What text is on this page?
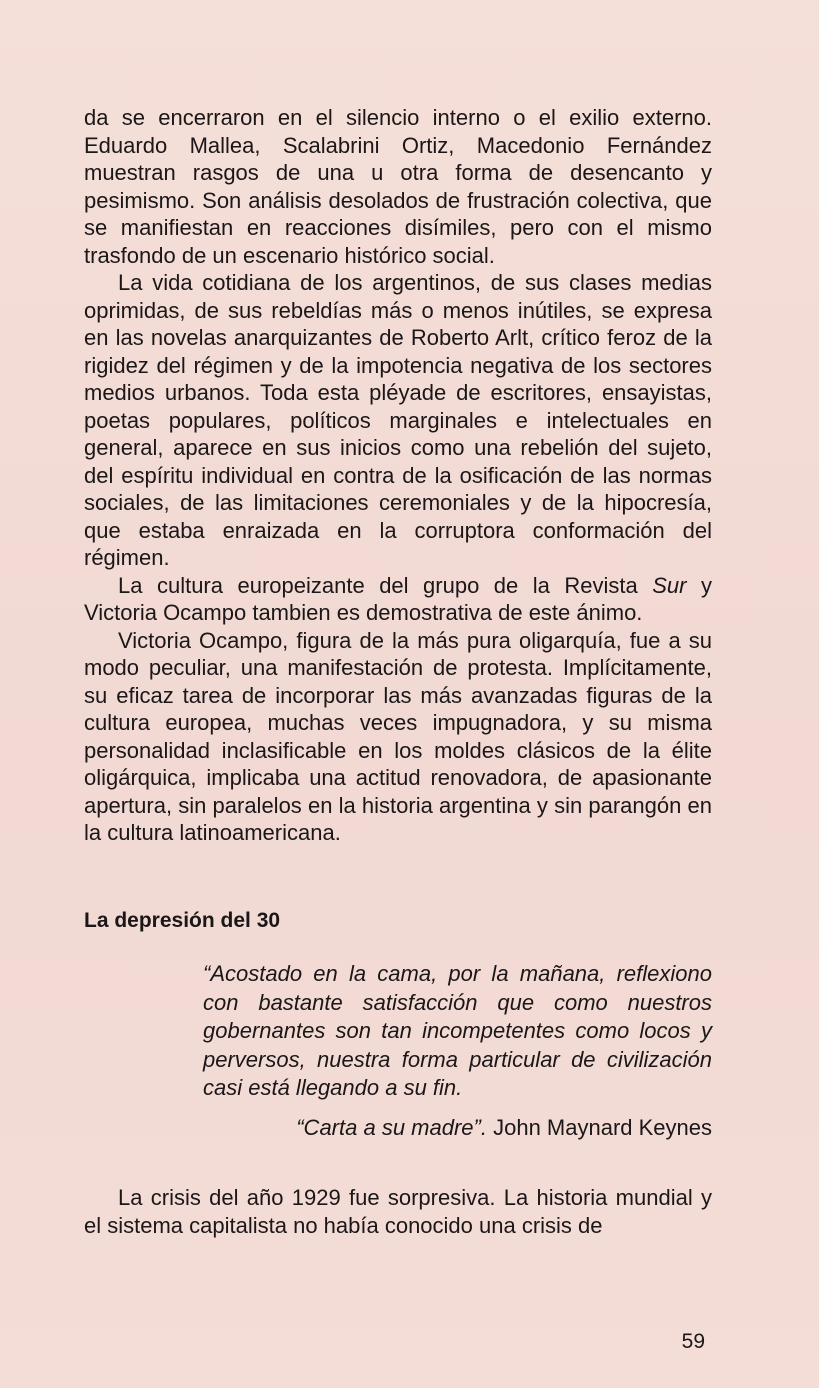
da se encerraron en el silencio interno o el exilio externo. Eduardo Mallea, Scalabrini Ortiz, Macedonio Fernández muestran rasgos de una u otra forma de desencanto y pesimismo. Son análisis desolados de frustración colectiva, que se manifiestan en reacciones disímiles, pero con el mismo trasfondo de un escenario histórico social.

La vida cotidiana de los argentinos, de sus clases medias oprimidas, de sus rebeldías más o menos inútiles, se expresa en las novelas anarquizantes de Roberto Arlt, crítico feroz de la rigidez del régimen y de la impotencia negativa de los sectores medios urbanos. Toda esta pléyade de escritores, ensayistas, poetas populares, políticos marginales e intelectuales en general, aparece en sus inicios como una rebelión del sujeto, del espíritu individual en contra de la osificación de las normas sociales, de las limitaciones ceremoniales y de la hipocresía, que estaba enraizada en la corruptora conformación del régimen.

La cultura europeizante del grupo de la Revista Sur y Victoria Ocampo tambien es demostrativa de este ánimo.

Victoria Ocampo, figura de la más pura oligarquía, fue a su modo peculiar, una manifestación de protesta. Implícitamente, su eficaz tarea de incorporar las más avanzadas figuras de la cultura europea, muchas veces impugnadora, y su misma personalidad inclasificable en los moldes clásicos de la élite oligárquica, implicaba una actitud renovadora, de apasionante apertura, sin paralelos en la historia argentina y sin parangón en la cultura latinoamericana.

La depresión del 30

“Acostado en la cama, por la mañana, reflexiono con bastante satisfacción que como nuestros gobernantes son tan incompetentes como locos y perversos, nuestra forma particular de civilización casi está llegando a su fin.

“Carta a su madre”. John Maynard Keynes

La crisis del año 1929 fue sorpresiva. La historia mundial y el sistema capitalista no había conocido una crisis de

59
